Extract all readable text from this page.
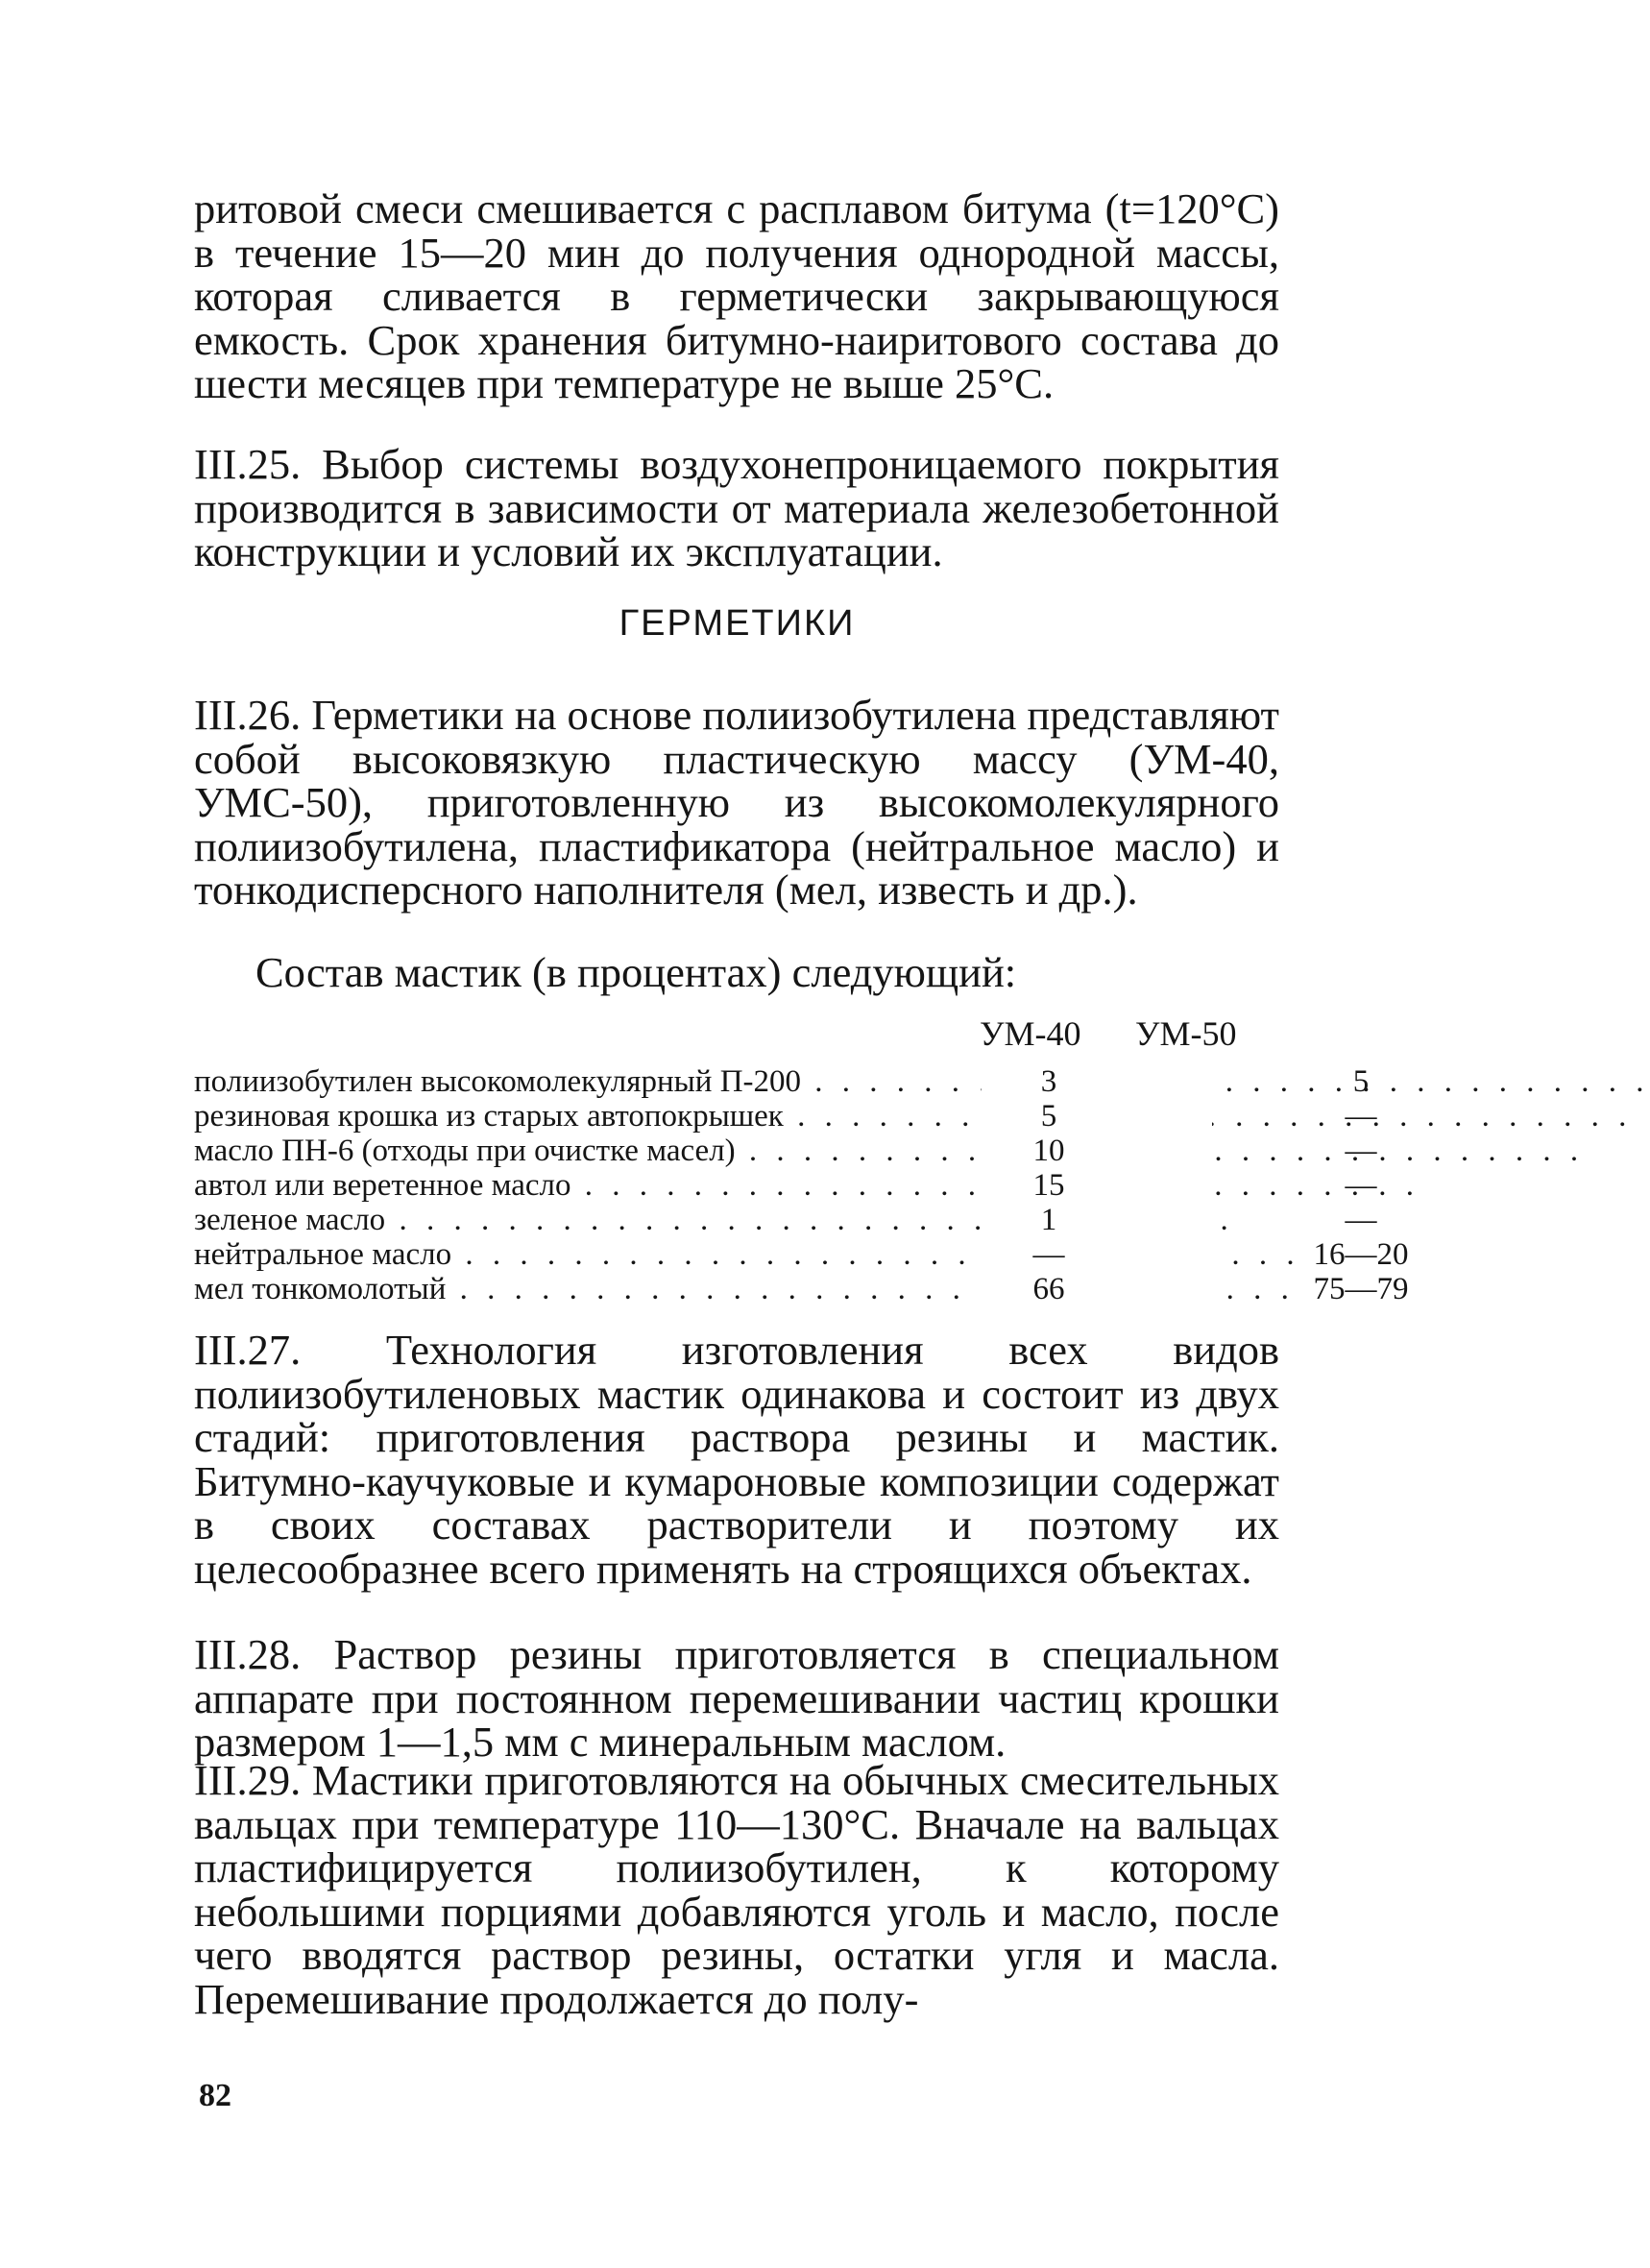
ритовой смеси смешивается с расплавом битума (t=120°C) в течение 15—20 мин до получения однородной массы, которая сливается в герметически закрывающуюся емкость. Срок хранения битумно-наиритового состава до шести месяцев при температуре не выше 25°С.
III.25. Выбор системы воздухонепроницаемого покрытия производится в зависимости от материала железобетонной конструкции и условий их эксплуатации.
ГЕРМЕТИКИ
III.26. Герметики на основе полиизобутилена представляют собой высоковязкую пластическую массу (УМ-40, УМС-50), приготовленную из высокомолекулярного полиизобутилена, пластификатора (нейтральное масло) и тонкодисперсного наполнителя (мел, известь и др.).
Состав мастик (в процентах) следующий:
УМ-40 УМ-50
полиизобутилен высокомолекулярный П-200 . . .	3	5
резиновая крошка из старых автопокрышек . . .	5	—
масло ПН-6 (отходы при очистке масел) . . .	10	—
автол или веретенное масло . . .	15	—
зеленое масло . . .	1	—
нейтральное масло . . .	—	16—20
мел тонкомолотый . . .	66	75—79
III.27. Технология изготовления всех видов полиизобутиленовых мастик одинакова и состоит из двух стадий: приготовления раствора резины и мастик. Битумно-каучуковые и кумароновые композиции содержат в своих составах растворители и поэтому их целесообразнее всего применять на строящихся объектах.
III.28. Раствор резины приготовляется в специальном аппарате при постоянном перемешивании частиц крошки размером 1—1,5 мм с минеральным маслом.
III.29. Мастики приготовляются на обычных смесительных вальцах при температуре 110—130°С. Вначале на вальцах пластифицируется полиизобутилен, к которому небольшими порциями добавляются уголь и масло, после чего вводятся раствор резины, остатки угля и масла. Перемешивание продолжается до полу-
82
